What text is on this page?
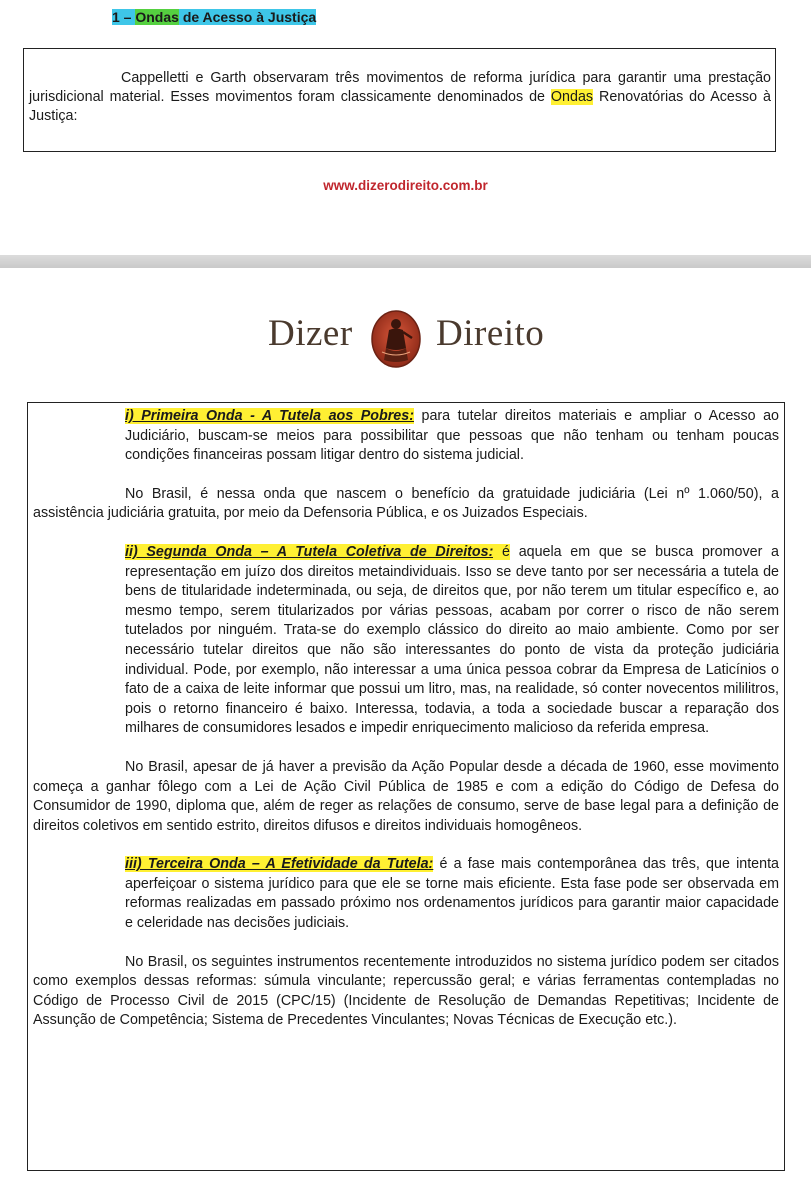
1 – Ondas de Acesso à Justiça
Cappelletti e Garth observaram três movimentos de reforma jurídica para garantir uma prestação jurisdicional material. Esses movimentos foram classicamente denominados de Ondas Renovatórias do Acesso à Justiça:
www.dizerodireito.com.br
Dizer Direito

i) Primeira Onda - A Tutela aos Pobres: para tutelar direitos materiais e ampliar o Acesso ao Judiciário, buscam-se meios para possibilitar que pessoas que não tenham ou tenham poucas condições financeiras possam litigar dentro do sistema judicial.

No Brasil, é nessa onda que nascem o benefício da gratuidade judiciária (Lei nº 1.060/50), a assistência judiciária gratuita, por meio da Defensoria Pública, e os Juizados Especiais.

ii) Segunda Onda – A Tutela Coletiva de Direitos: é aquela em que se busca promover a representação em juízo dos direitos metaindividuais. Isso se deve tanto por ser necessária a tutela de bens de titularidade indeterminada, ou seja, de direitos que, por não terem um titular específico e, ao mesmo tempo, serem titularizados por várias pessoas, acabam por correr o risco de não serem tutelados por ninguém. Trata-se do exemplo clássico do direito ao maio ambiente. Como por ser necessário tutelar direitos que não são interessantes do ponto de vista da proteção judiciária individual. Pode, por exemplo, não interessar a uma única pessoa cobrar da Empresa de Laticínios o fato de a caixa de leite informar que possui um litro, mas, na realidade, só conter novecentos mililitros, pois o retorno financeiro é baixo. Interessa, todavia, a toda a sociedade buscar a reparação dos milhares de consumidores lesados e impedir enriquecimento malicioso da referida empresa.

No Brasil, apesar de já haver a previsão da Ação Popular desde a década de 1960, esse movimento começa a ganhar fôlego com a Lei de Ação Civil Pública de 1985 e com a edição do Código de Defesa do Consumidor de 1990, diploma que, além de reger as relações de consumo, serve de base legal para a definição de direitos coletivos em sentido estrito, direitos difusos e direitos individuais homogêneos.

iii) Terceira Onda – A Efetividade da Tutela: é a fase mais contemporânea das três, que intenta aperfeiçoar o sistema jurídico para que ele se torne mais eficiente. Esta fase pode ser observada em reformas realizadas em passado próximo nos ordenamentos jurídicos para garantir maior capacidade e celeridade nas decisões judiciais.

No Brasil, os seguintes instrumentos recentemente introduzidos no sistema jurídico podem ser citados como exemplos dessas reformas: súmula vinculante; repercussão geral; e várias ferramentas contempladas no Código de Processo Civil de 2015 (CPC/15) (Incidente de Resolução de Demandas Repetitivas; Incidente de Assunção de Competência; Sistema de Precedentes Vinculantes; Novas Técnicas de Execução etc.).
